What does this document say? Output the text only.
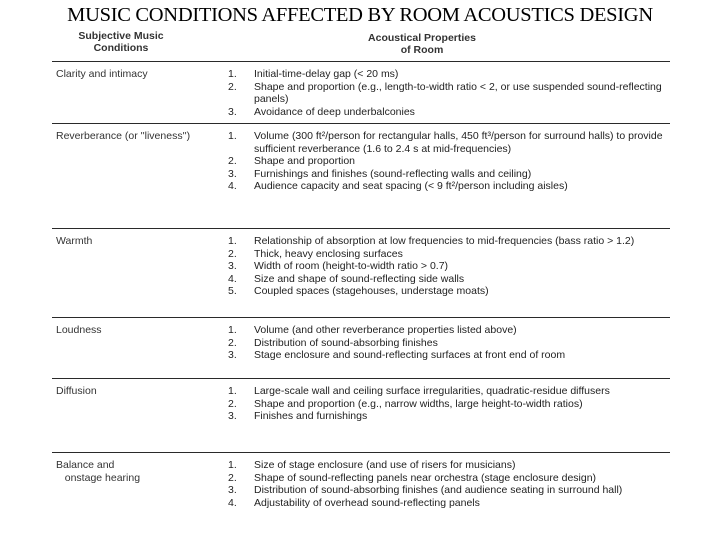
MUSIC CONDITIONS AFFECTED BY ROOM ACOUSTICS DESIGN
Subjective Music
Conditions
Acoustical Properties
of Room
Clarity and intimacy	1.	Initial-time-delay gap (< 20 ms)
2.	Shape and proportion (e.g., length-to-width ratio < 2, or use suspended sound-reflecting panels)
3.	Avoidance of deep underbalconies
Reverberance (or ''liveness'')	1.	Volume (300 ft²/person for rectangular halls, 450 ft³/person for surround halls) to provide sufficient reverberance (1.6 to 2.4 s at mid-frequencies)
2.	Shape and proportion
3.	Furnishings and finishes (sound-reflecting walls and ceiling)
4.	Audience capacity and seat spacing (< 9 ft²/person including aisles)
Warmth	1.	Relationship of absorption at low frequencies to mid-frequencies (bass ratio > 1.2)
2.	Thick, heavy enclosing surfaces
3.	Width of room (height-to-width ratio > 0.7)
4.	Size and shape of sound-reflecting side walls
5.	Coupled spaces (stagehouses, understage moats)
Loudness	1.	Volume (and other reverberance properties listed above)
2.	Distribution of sound-absorbing finishes
3.	Stage enclosure and sound-reflecting surfaces at front end of room
Diffusion	1.	Large-scale wall and ceiling surface irregularities, quadratic-residue diffusers
2.	Shape and proportion (e.g., narrow widths, large height-to-width ratios)
3.	Finishes and furnishings
Balance and
onstage hearing
1.	Size of stage enclosure (and use of risers for musicians)
2.	Shape of sound-reflecting panels near orchestra (stage enclosure design)
3.	Distribution of sound-absorbing finishes (and audience seating in surround hall)
4.	Adjustability of overhead sound-reflecting panels
